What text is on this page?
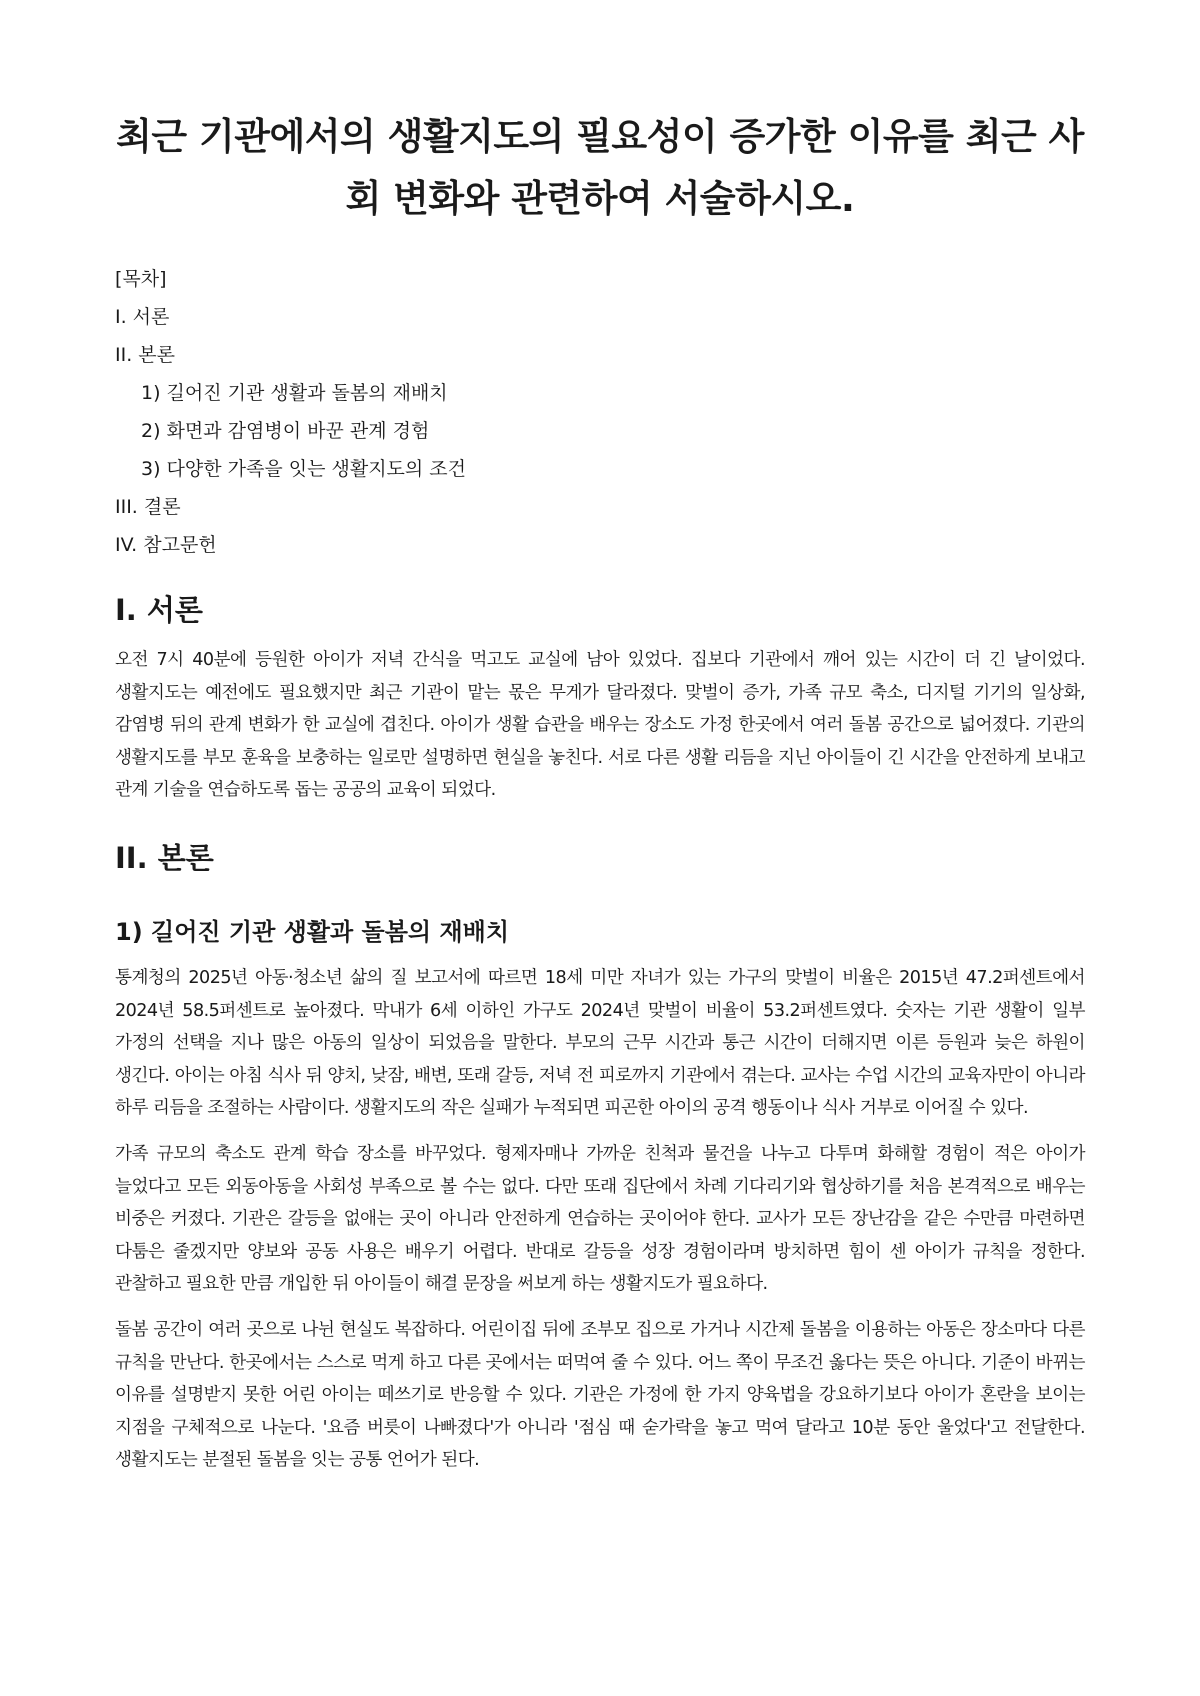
최근 기관에서의 생활지도의 필요성이 증가한 이유를 최근 사회 변화와 관련하여 서술하시오.

[목차]

I. 서론

II. 본론

1) 길어진 기관 생활과 돌봄의 재배치

2) 화면과 감염병이 바꾼 관계 경험

3) 다양한 가족을 잇는 생활지도의 조건

III. 결론

IV. 참고문헌

I. 서론

오전 7시 40분에 등원한 아이가 저녁 간식을 먹고도 교실에 남아 있었다. 집보다 기관에서 깨어 있는 시간이 더 긴 날이었다. 생활지도는 예전에도 필요했지만 최근 기관이 맡는 몫은 무게가 달라졌다. 맞벌이 증가, 가족 규모 축소, 디지털 기기의 일상화, 감염병 뒤의 관계 변화가 한 교실에 겹친다. 아이가 생활 습관을 배우는 장소도 가정 한곳에서 여러 돌봄 공간으로 넓어졌다. 기관의 생활지도를 부모 훈육을 보충하는 일로만 설명하면 현실을 놓친다. 서로 다른 생활 리듬을 지닌 아이들이 긴 시간을 안전하게 보내고 관계 기술을 연습하도록 돕는 공공의 교육이 되었다.

II. 본론
1) 길어진 기관 생활과 돌봄의 재배치

통계청의 2025년 아동·청소년 삶의 질 보고서에 따르면 18세 미만 자녀가 있는 가구의 맞벌이 비율은 2015년 47.2퍼센트에서 2024년 58.5퍼센트로 높아졌다. 막내가 6세 이하인 가구도 2024년 맞벌이 비율이 53.2퍼센트였다. 숫자는 기관 생활이 일부 가정의 선택을 지나 많은 아동의 일상이 되었음을 말한다. 부모의 근무 시간과 통근 시간이 더해지면 이른 등원과 늦은 하원이 생긴다. 아이는 아침 식사 뒤 양치, 낮잠, 배변, 또래 갈등, 저녁 전 피로까지 기관에서 겪는다. 교사는 수업 시간의 교육자만이 아니라 하루 리듬을 조절하는 사람이다. 생활지도의 작은 실패가 누적되면 피곤한 아이의 공격 행동이나 식사 거부로 이어질 수 있다.

가족 규모의 축소도 관계 학습 장소를 바꾸었다. 형제자매나 가까운 친척과 물건을 나누고 다투며 화해할 경험이 적은 아이가 늘었다고 모든 외동아동을 사회성 부족으로 볼 수는 없다. 다만 또래 집단에서 차례 기다리기와 협상하기를 처음 본격적으로 배우는 비중은 커졌다. 기관은 갈등을 없애는 곳이 아니라 안전하게 연습하는 곳이어야 한다. 교사가 모든 장난감을 같은 수만큼 마련하면 다툼은 줄겠지만 양보와 공동 사용은 배우기 어렵다. 반대로 갈등을 성장 경험이라며 방치하면 힘이 센 아이가 규칙을 정한다. 관찰하고 필요한 만큼 개입한 뒤 아이들이 해결 문장을 써보게 하는 생활지도가 필요하다.

돌봄 공간이 여러 곳으로 나뉜 현실도 복잡하다. 어린이집 뒤에 조부모 집으로 가거나 시간제 돌봄을 이용하는 아동은 장소마다 다른 규칙을 만난다. 한곳에서는 스스로 먹게 하고 다른 곳에서는 떠먹여 줄 수 있다. 어느 쪽이 무조건 옳다는 뜻은 아니다. 기준이 바뀌는 이유를 설명받지 못한 어린 아이는 떼쓰기로 반응할 수 있다. 기관은 가정에 한 가지 양육법을 강요하기보다 아이가 혼란을 보이는 지점을 구체적으로 나눈다. '요즘 버릇이 나빠졌다'가 아니라 '점심 때 숟가락을 놓고 먹여 달라고 10분 동안 울었다'고 전달한다. 생활지도는 분절된 돌봄을 잇는 공통 언어가 된다.
